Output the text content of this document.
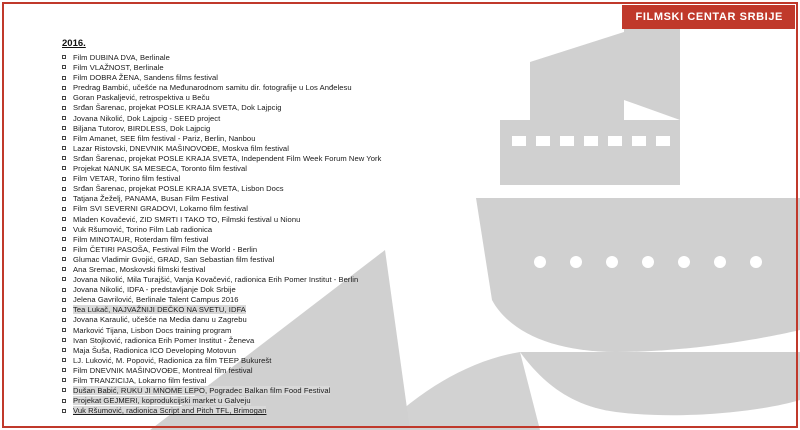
FILMSKI CENTAR SRBIJE
2016.
Film DUBINA DVA, Berlinale
Film VLAŽNOST, Berlinale
Film DOBRA ŽENA, Sandens films festival
Predrag Bambić, učešće na Međunarodnom samitu dir. fotografije u Los Anđelesu
Goran Paskaljević, retrospektiva u Beču
Srđan Šarenac, projekat POSLE KRAJA SVETA, Dok Lajpcig
Jovana Nikolić, Dok Lajpcig - SEED project
Biljana Tutorov, BIRDLESS, Dok Lajpcig
Film Amanet, SEE film festival - Pariz, Berlin, Nanbou
Lazar Ristovski, DNEVNIK MAŠINOVOĐE, Moskva film festival
Srđan Šarenac, projekat POSLE KRAJA SVETA, Independent Film Week Forum New York
Projekat NANUK SA MESECA, Toronto film festival
Film VETAR, Torino film festival
Srđan Šarenac, projekat POSLE KRAJA SVETA, Lisbon Docs
Tatjana Žeželj, PANAMA, Busan Film Festival
Film SVI SEVERNI GRADOVI, Lokarno film festival
Mladen Kovačević, ZID SMRTI I TAKO TO, Filmski festival u Nionu
Vuk Ršumović, Torino Film Lab radionica
Film MINOTAUR, Roterdam film festival
Film ČETIRI PASOŠA, Festival Film the World - Berlin
Glumac Vladimir Gvojić, GRAD, San Sebastian film festival
Ana Sremac, Moskovski filmski festival
Jovana Nikolić, Mila Turajšić, Vanja Kovačević, radionica Erih Pomer Institut - Berlin
Jovana Nikolić, IDFA - predstavljanje Dok Srbije
Jelena Gavrilović, Berlinale Talent Campus 2016
Tea Lukač, NAJVAŽNIJI DEČKO NA SVETU, IDFA
Jovana Karaulić, učešće na Media danu u Zagrebu
Marković Tijana, Lisbon Docs training program
Ivan Stojković, radionica Erih Pomer Institut - Ženeva
Maja Šuša, Radionica ICO Developing Motovun
LJ. Luković, M. Popović, Radionica za film TEEP Bukurešt
Film DNEVNIK MAŠINOVOĐE, Montreal film festival
Film TRANZICIJA, Lokarno film festival
Dušan Babić, RUKU JI MNOME LEPO, Pogradec Balkan film Food Festival
Projekat GEJMERI, koprodukcijski market u Galveju
Vuk Ršumović, radionica Script and Pitch TFL, Brimogan
